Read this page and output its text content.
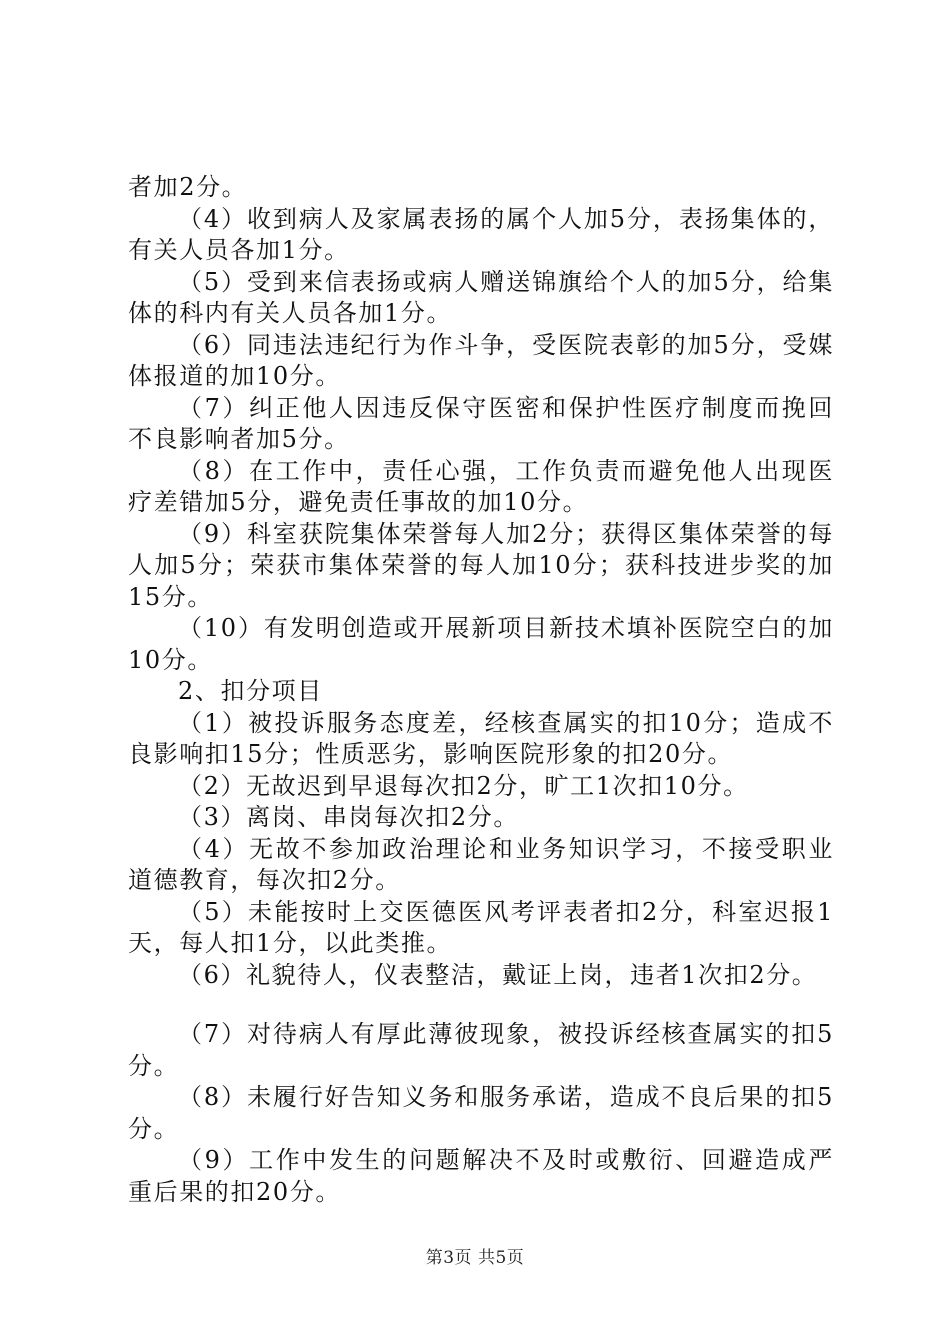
者加2分。

（4）收到病人及家属表扬的属个人加5分，表扬集体的，有关人员各加1分。

（5）受到来信表扬或病人赠送锦旗给个人的加5分，给集体的科内有关人员各加1分。

（6）同违法违纪行为作斗争，受医院表彰的加5分，受媒体报道的加10分。

（7）纠正他人因违反保守医密和保护性医疗制度而挽回不良影响者加5分。

（8）在工作中，责任心强，工作负责而避免他人出现医疗差错加5分，避免责任事故的加10分。

（9）科室获院集体荣誉每人加2分；获得区集体荣誉的每人加5分；荣获市集体荣誉的每人加10分；获科技进步奖的加15分。

（10）有发明创造或开展新项目新技术填补医院空白的加10分。

2、扣分项目

（1）被投诉服务态度差，经核查属实的扣10分；造成不良影响扣15分；性质恶劣，影响医院形象的扣20分。

（2）无故迟到早退每次扣2分，旷工1次扣10分。

（3）离岗、串岗每次扣2分。

（4）无故不参加政治理论和业务知识学习，不接受职业道德教育，每次扣2分。

（5）未能按时上交医德医风考评表者扣2分，科室迟报1天，每人扣1分，以此类推。

（6）礼貌待人，仪表整洁，戴证上岗，违者1次扣2分。

（7）对待病人有厚此薄彼现象，被投诉经核查属实的扣5分。

（8）未履行好告知义务和服务承诺，造成不良后果的扣5分。

（9）工作中发生的问题解决不及时或敷衍、回避造成严重后果的扣20分。

第3页 共5页
